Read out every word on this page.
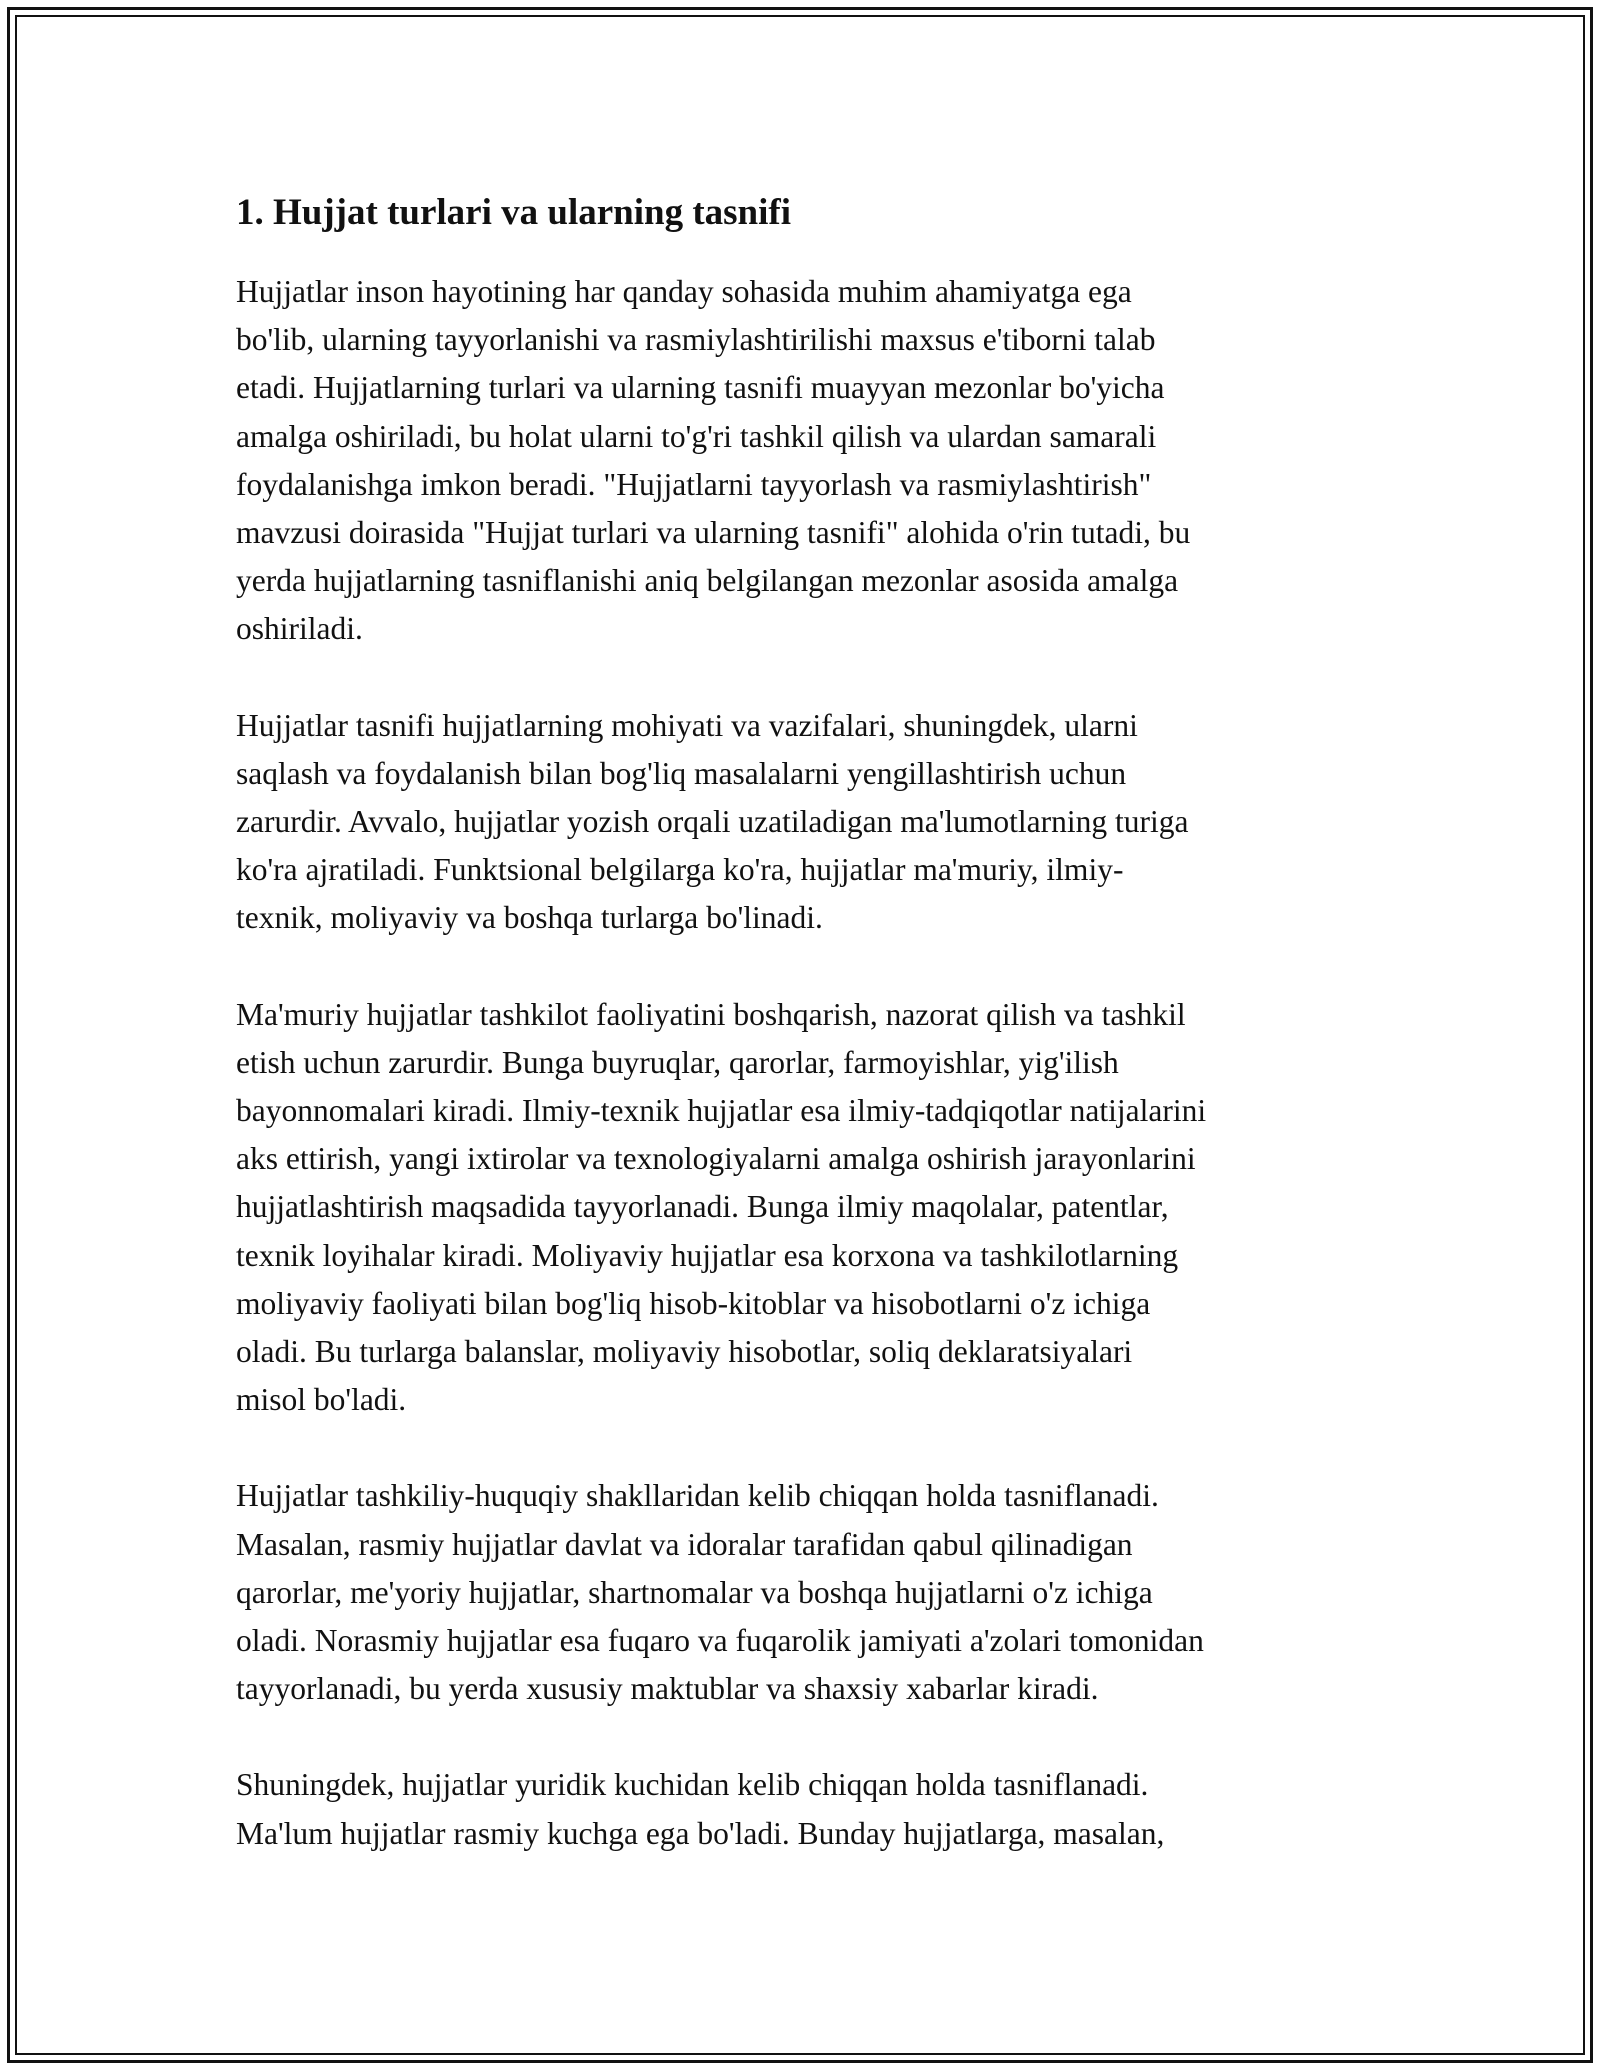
1. Hujjat turlari va ularning tasnifi

Hujjatlar inson hayotining har qanday sohasida muhim ahamiyatga ega
bo'lib, ularning tayyorlanishi va rasmiylashtirilishi maxsus e'tiborni talab
etadi. Hujjatlarning turlari va ularning tasnifi muayyan mezonlar bo'yicha
amalga oshiriladi, bu holat ularni to'g'ri tashkil qilish va ulardan samarali
foydalanishga imkon beradi. "Hujjatlarni tayyorlash va rasmiylashtirish"
mavzusi doirasida "Hujjat turlari va ularning tasnifi" alohida o'rin tutadi, bu
yerda hujjatlarning tasniflanishi aniq belgilangan mezonlar asosida amalga
oshiriladi.

Hujjatlar tasnifi hujjatlarning mohiyati va vazifalari, shuningdek, ularni
saqlash va foydalanish bilan bog'liq masalalarni yengillashtirish uchun
zarurdir. Avvalo, hujjatlar yozish orqali uzatiladigan ma'lumotlarning turiga
ko'ra ajratiladi. Funktsional belgilarga ko'ra, hujjatlar ma'muriy, ilmiy-
texnik, moliyaviy va boshqa turlarga bo'linadi.

Ma'muriy hujjatlar tashkilot faoliyatini boshqarish, nazorat qilish va tashkil
etish uchun zarurdir. Bunga buyruqlar, qarorlar, farmoyishlar, yig'ilish
bayonnomalari kiradi. Ilmiy-texnik hujjatlar esa ilmiy-tadqiqotlar natijalarini
aks ettirish, yangi ixtirolar va texnologiyalarni amalga oshirish jarayonlarini
hujjatlashtirish maqsadida tayyorlanadi. Bunga ilmiy maqolalar, patentlar,
texnik loyihalar kiradi. Moliyaviy hujjatlar esa korxona va tashkilotlarning
moliyaviy faoliyati bilan bog'liq hisob-kitoblar va hisobotlarni o'z ichiga
oladi. Bu turlarga balanslar, moliyaviy hisobotlar, soliq deklaratsiyalari
misol bo'ladi.

Hujjatlar tashkiliy-huquqiy shakllaridan kelib chiqqan holda tasniflanadi.
Masalan, rasmiy hujjatlar davlat va idoralar tarafidan qabul qilinadigan
qarorlar, me'yoriy hujjatlar, shartnomalar va boshqa hujjatlarni o'z ichiga
oladi. Norasmiy hujjatlar esa fuqaro va fuqarolik jamiyati a'zolari tomonidan
tayyorlanadi, bu yerda xususiy maktublar va shaxsiy xabarlar kiradi.

Shuningdek, hujjatlar yuridik kuchidan kelib chiqqan holda tasniflanadi.
Ma'lum hujjatlar rasmiy kuchga ega bo'ladi. Bunday hujjatlarga, masalan,
